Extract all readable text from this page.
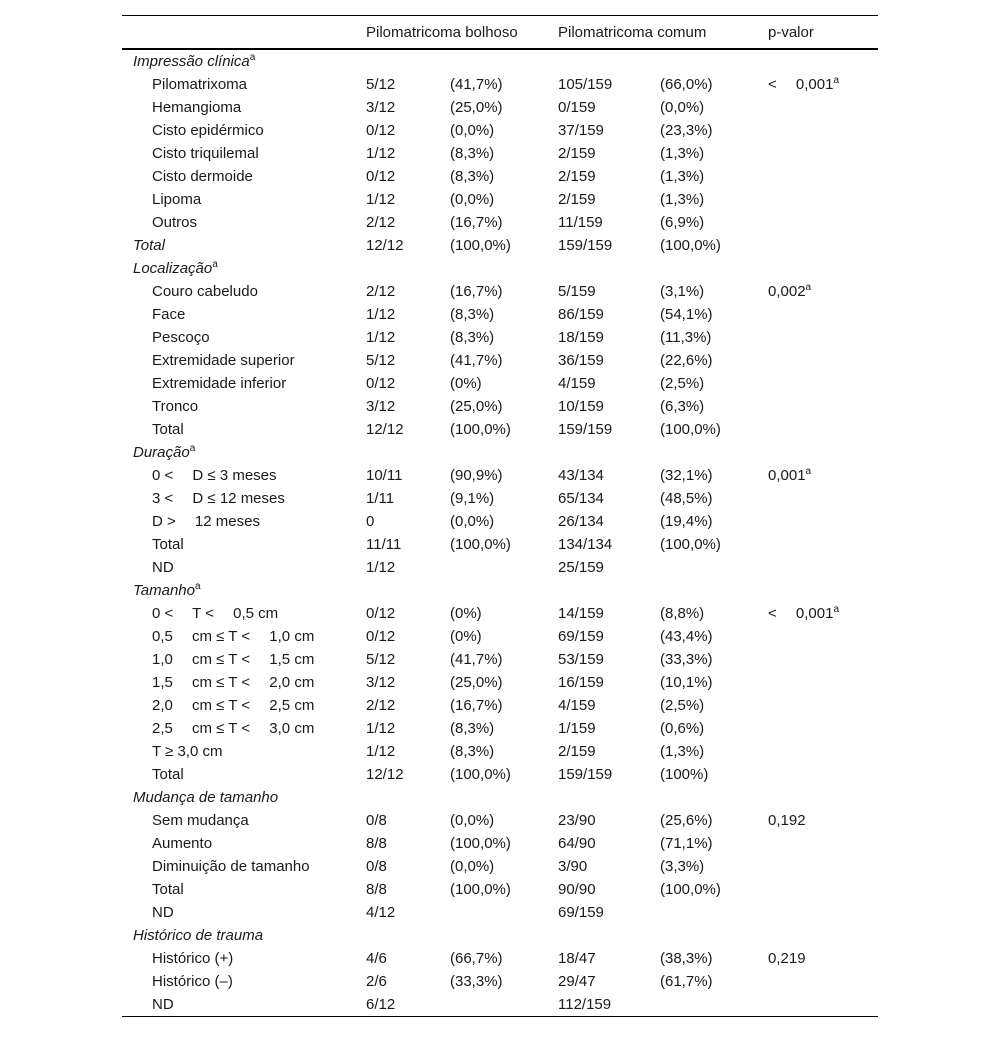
	Pilomatricoma bolhoso		Pilomatricoma comum		p-valor
Impressão clínica$^a$
Pilomatrixoma	5/12	(41,7%)	105/159	(66,0%)	<  0,001$^a$
Hemangioma	3/12	(25,0%)	0/159	(0,0%)	
Cisto epidérmico	0/12	(0,0%)	37/159	(23,3%)	
Cisto triquilemal	1/12	(8,3%)	2/159	(1,3%)	
Cisto dermoide	0/12	(8,3%)	2/159	(1,3%)	
Lipoma	1/12	(0,0%)	2/159	(1,3%)	
Outros	2/12	(16,7%)	11/159	(6,9%)	
Total	12/12	(100,0%)	159/159	(100,0%)	
Localização$^a$
Couro cabeludo	2/12	(16,7%)	5/159	(3,1%)	0,002$^a$
Face	1/12	(8,3%)	86/159	(54,1%)	
Pescoço	1/12	(8,3%)	18/159	(11,3%)	
Extremidade superior	5/12	(41,7%)	36/159	(22,6%)	
Extremidade inferior	0/12	(0%)	4/159	(2,5%)	
Tronco	3/12	(25,0%)	10/159	(6,3%)	
Total	12/12	(100,0%)	159/159	(100,0%)	
Duração$^a$
0 <  D ≤ 3 meses	10/11	(90,9%)	43/134	(32,1%)	0,001$^a$
3 <  D ≤ 12 meses	1/11	(9,1%)	65/134	(48,5%)	
D >  12 meses	0	(0,0%)	26/134	(19,4%)	
Total	11/11	(100,0%)	134/134	(100,0%)	
ND	1/12		25/159		
Tamanho$^a$
0 <  T <  0,5 cm	0/12	(0%)	14/159	(8,8%)	<  0,001$^a$
0,5  cm ≤ T <  1,0 cm	0/12	(0%)	69/159	(43,4%)	
1,0  cm ≤ T <  1,5 cm	5/12	(41,7%)	53/159	(33,3%)	
1,5  cm ≤ T <  2,0 cm	3/12	(25,0%)	16/159	(10,1%)	
2,0  cm ≤ T <  2,5 cm	2/12	(16,7%)	4/159	(2,5%)	
2,5  cm ≤ T <  3,0 cm	1/12	(8,3%)	1/159	(0,6%)	
T ≥ 3,0 cm	1/12	(8,3%)	2/159	(1,3%)	
Total	12/12	(100,0%)	159/159	(100%)	
Mudança de tamanho					
Sem mudança	0/8	(0,0%)	23/90	(25,6%)	0,192
Aumento	8/8	(100,0%)	64/90	(71,1%)	
Diminuição de tamanho	0/8	(0,0%)	3/90	(3,3%)	
Total	8/8	(100,0%)	90/90	(100,0%)	
ND	4/12		69/159		
Histórico de trauma					
Histórico (+)	4/6	(66,7%)	18/47	(38,3%)	0,219
Histórico (–)	2/6	(33,3%)	29/47	(61,7%)	
ND	6/12		112/159		
